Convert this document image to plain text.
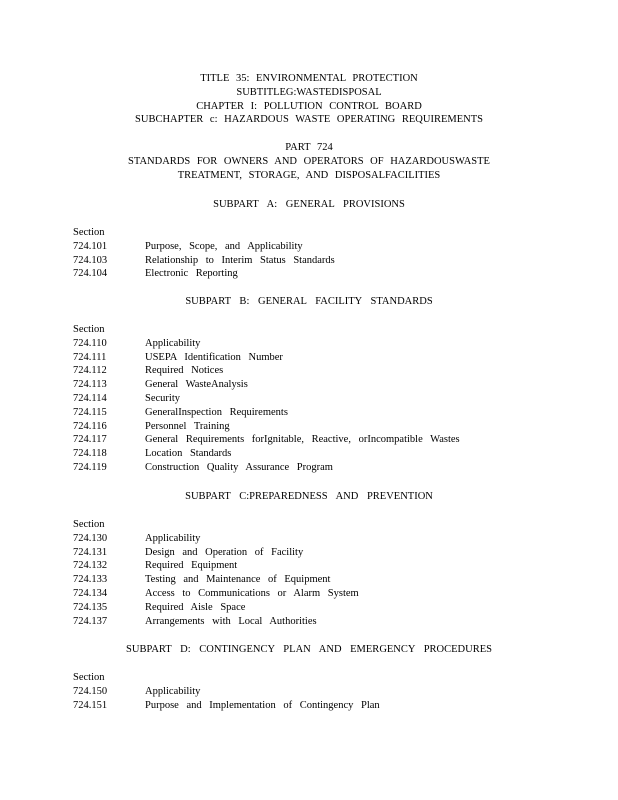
TITLE 35: ENVIRONMENTAL PROTECTION
SUBTITLEG:WASTEDISPOSAL
CHAPTER I: POLLUTION CONTROL BOARD
SUBCHAPTER c: HAZARDOUS WASTE OPERATING REQUIREMENTS
PART 724
STANDARDS FOR OWNERS AND OPERATORS OF HAZARDOUSWASTE
TREATMENT, STORAGE, AND DISPOSALFACILITIES
SUBPART A: GENERAL PROVISIONS
Section
724.101	Purpose, Scope, and Applicability
724.103	Relationship to Interim Status Standards
724.104	Electronic Reporting
SUBPART B: GENERAL FACILITY STANDARDS
Section
724.110	Applicability
724.111	USEPA Identification Number
724.112	Required Notices
724.113	General WasteAnalysis
724.114	Security
724.115	GeneralInspection Requirements
724.116	Personnel Training
724.117	General Requirements forIgnitable, Reactive, orIncompatible Wastes
724.118	Location Standards
724.119	Construction Quality Assurance Program
SUBPART C:PREPAREDNESS AND PREVENTION
Section
724.130	Applicability
724.131	Design and Operation of Facility
724.132	Required Equipment
724.133	Testing and Maintenance of Equipment
724.134	Access to Communications or Alarm System
724.135	Required Aisle Space
724.137	Arrangements with Local Authorities
SUBPART D: CONTINGENCY PLAN AND EMERGENCY PROCEDURES
Section
724.150	Applicability
724.151	Purpose and Implementation of Contingency Plan
